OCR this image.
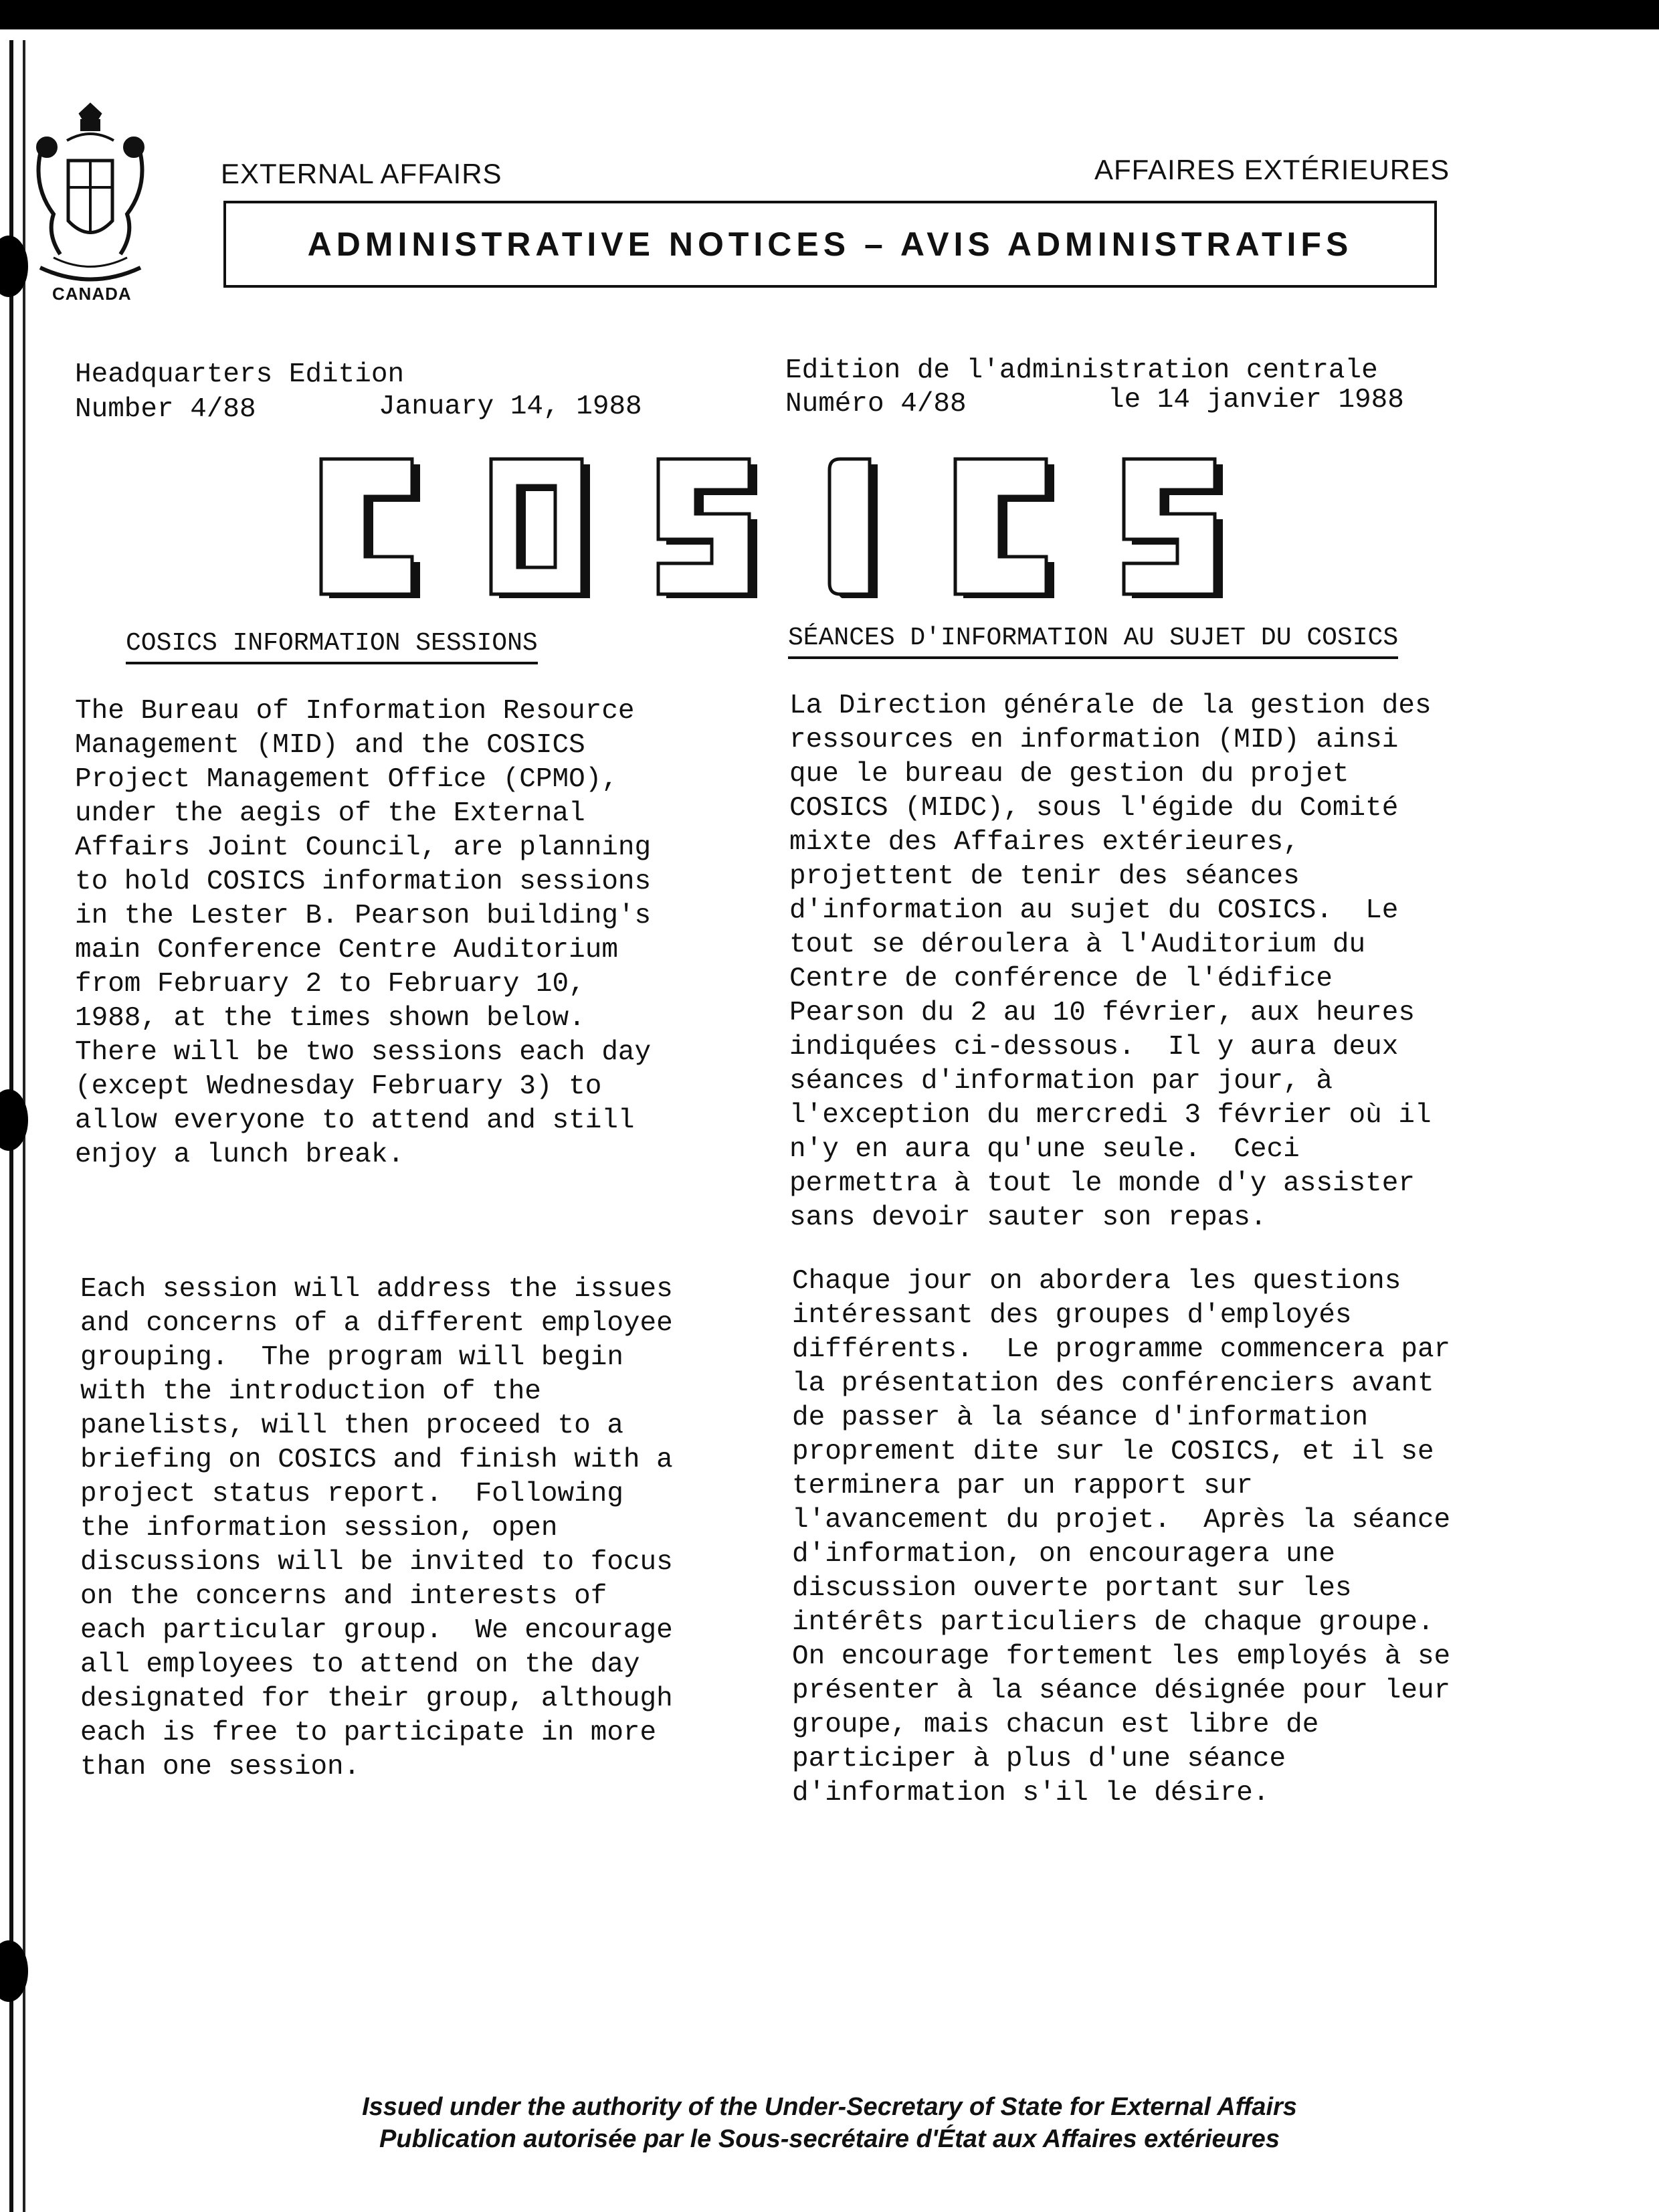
CANADA
EXTERNAL AFFAIRS	AFFAIRES EXTÉRIEURES
ADMINISTRATIVE NOTICES – AVIS ADMINISTRATIFS
Headquarters Edition
Number 4/88	January 14, 1988
Edition de l'administration centrale
Numéro 4/88	le 14 janvier 1988
COSICS INFORMATION SESSIONS
The Bureau of Information Resource
Management (MID) and the COSICS
Project Management Office (CPMO),
under the aegis of the External
Affairs Joint Council, are planning
to hold COSICS information sessions
in the Lester B. Pearson building's
main Conference Centre Auditorium
from February 2 to February 10,
1988, at the times shown below.
There will be two sessions each day
(except Wednesday February 3) to
allow everyone to attend and still
enjoy a lunch break.
Each session will address the issues
and concerns of a different employee
grouping.  The program will begin
with the introduction of the
panelists, will then proceed to a
briefing on COSICS and finish with a
project status report.  Following
the information session, open
discussions will be invited to focus
on the concerns and interests of
each particular group.  We encourage
all employees to attend on the day
designated for their group, although
each is free to participate in more
than one session.
SÉANCES D'INFORMATION AU SUJET DU COSICS
La Direction générale de la gestion des
ressources en information (MID) ainsi
que le bureau de gestion du projet
COSICS (MIDC), sous l'égide du Comité
mixte des Affaires extérieures,
projettent de tenir des séances
d'information au sujet du COSICS.  Le
tout se déroulera à l'Auditorium du
Centre de conférence de l'édifice
Pearson du 2 au 10 février, aux heures
indiquées ci-dessous.  Il y aura deux
séances d'information par jour, à
l'exception du mercredi 3 février où il
n'y en aura qu'une seule.  Ceci
permettra à tout le monde d'y assister
sans devoir sauter son repas.
Chaque jour on abordera les questions
intéressant des groupes d'employés
différents.  Le programme commencera par
la présentation des conférenciers avant
de passer à la séance d'information
proprement dite sur le COSICS, et il se
terminera par un rapport sur
l'avancement du projet.  Après la séance
d'information, on encouragera une
discussion ouverte portant sur les
intérêts particuliers de chaque groupe.
On encourage fortement les employés à se
présenter à la séance désignée pour leur
groupe, mais chacun est libre de
participer à plus d'une séance
d'information s'il le désire.
Issued under the authority of the Under-Secretary of State for External Affairs
Publication autorisée par le Sous-secrétaire d'État aux Affaires extérieures
